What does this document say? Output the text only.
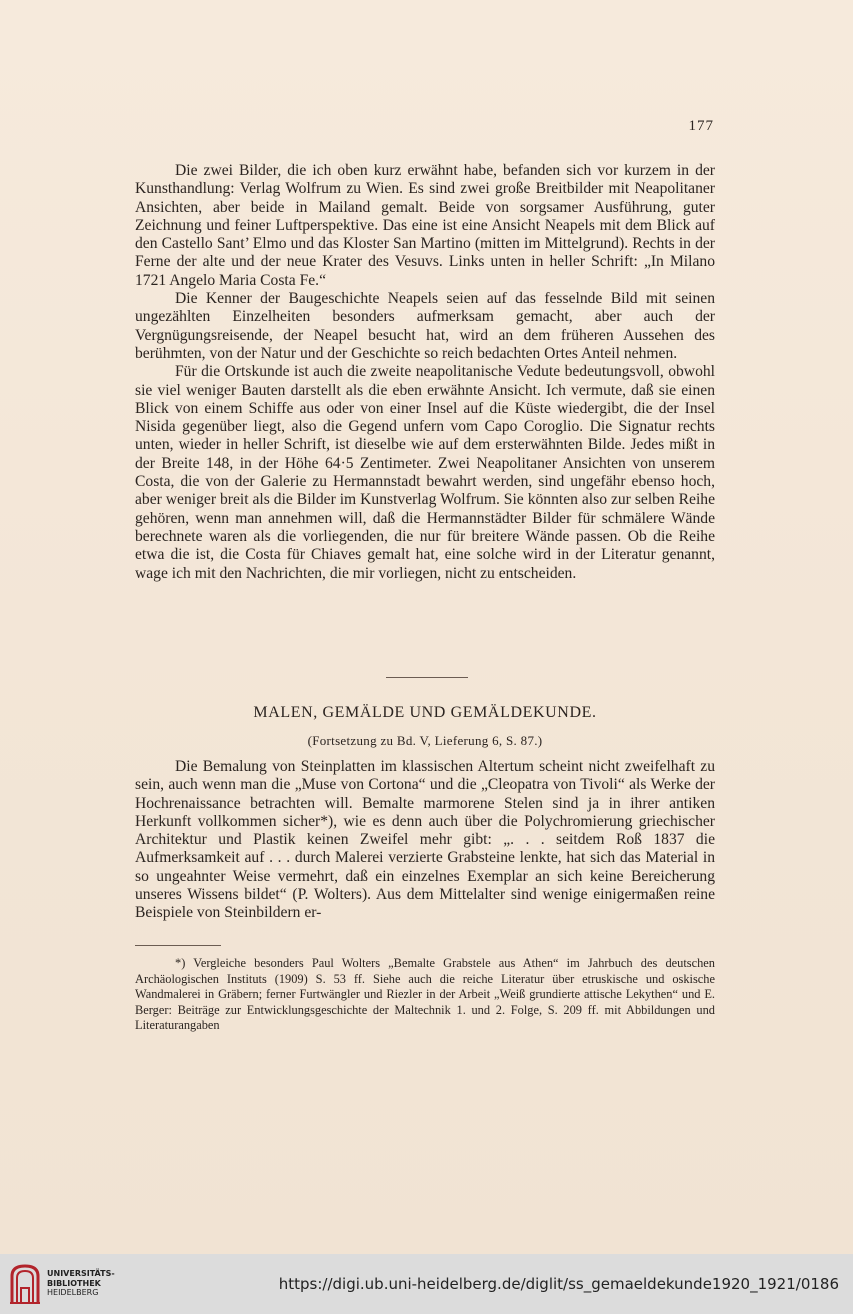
177

Die zwei Bilder, die ich oben kurz erwähnt habe, befanden sich vor kurzem in der Kunsthandlung: Verlag Wolfrum zu Wien. Es sind zwei große Breitbilder mit Neapolitaner Ansichten, aber beide in Mailand gemalt. Beide von sorgsamer Ausführung, guter Zeichnung und feiner Luftperspektive. Das eine ist eine Ansicht Neapels mit dem Blick auf den Castello Sant’ Elmo und das Kloster San Martino (mitten im Mittelgrund). Rechts in der Ferne der alte und der neue Krater des Vesuvs. Links unten in heller Schrift: „In Milano 1721 Angelo Maria Costa Fe.“

Die Kenner der Baugeschichte Neapels seien auf das fesselnde Bild mit seinen ungezählten Einzelheiten besonders aufmerksam gemacht, aber auch der Vergnügungsreisende, der Neapel besucht hat, wird an dem früheren Aussehen des berühmten, von der Natur und der Geschichte so reich bedachten Ortes Anteil nehmen.

Für die Ortskunde ist auch die zweite neapolitanische Vedute bedeutungsvoll, obwohl sie viel weniger Bauten darstellt als die eben erwähnte Ansicht. Ich vermute, daß sie einen Blick von einem Schiffe aus oder von einer Insel auf die Küste wiedergibt, die der Insel Nisida gegenüber liegt, also die Gegend unfern vom Capo Coroglio. Die Signatur rechts unten, wieder in heller Schrift, ist dieselbe wie auf dem ersterwähnten Bilde. Jedes mißt in der Breite 148, in der Höhe 64·5 Zentimeter. Zwei Neapolitaner Ansichten von unserem Costa, die von der Galerie zu Hermannstadt bewahrt werden, sind ungefähr ebenso hoch, aber weniger breit als die Bilder im Kunstverlag Wolfrum. Sie könnten also zur selben Reihe gehören, wenn man annehmen will, daß die Hermannstädter Bilder für schmälere Wände berechnete waren als die vorliegenden, die nur für breitere Wände passen. Ob die Reihe etwa die ist, die Costa für Chiaves gemalt hat, eine solche wird in der Literatur genannt, wage ich mit den Nachrichten, die mir vorliegen, nicht zu entscheiden.

MALEN, GEMÄLDE UND GEMÄLDEKUNDE.
(Fortsetzung zu Bd. V, Lieferung 6, S. 87.)

Die Bemalung von Steinplatten im klassischen Altertum scheint nicht zweifelhaft zu sein, auch wenn man die „Muse von Cortona“ und die „Cleopatra von Tivoli“ als Werke der Hochrenaissance betrachten will. Bemalte marmorene Stelen sind ja in ihrer antiken Herkunft vollkommen sicher*), wie es denn auch über die Polychromierung griechischer Architektur und Plastik keinen Zweifel mehr gibt: „. . . seitdem Roß 1837 die Aufmerksamkeit auf . . . durch Malerei verzierte Grabsteine lenkte, hat sich das Material in so ungeahnter Weise vermehrt, daß ein einzelnes Exemplar an sich keine Bereicherung unseres Wissens bildet“ (P. Wolters). Aus dem Mittelalter sind wenige einigermaßen reine Beispiele von Steinbildern er-

*) Vergleiche besonders Paul Wolters „Bemalte Grabstele aus Athen“ im Jahrbuch des deutschen Archäologischen Instituts (1909) S. 53 ff. Siehe auch die reiche Literatur über etruskische und oskische Wandmalerei in Gräbern; ferner Furtwängler und Riezler in der Arbeit „Weiß grundierte attische Lekythen“ und E. Berger: Beiträge zur Entwicklungsgeschichte der Maltechnik 1. und 2. Folge, S. 209 ff. mit Abbildungen und Literaturangaben

UNIVERSITÄTS-
BIBLIOTHEK
HEIDELBERG	https://digi.ub.uni-heidelberg.de/diglit/ss_gemaeldekunde1920_1921/0186
